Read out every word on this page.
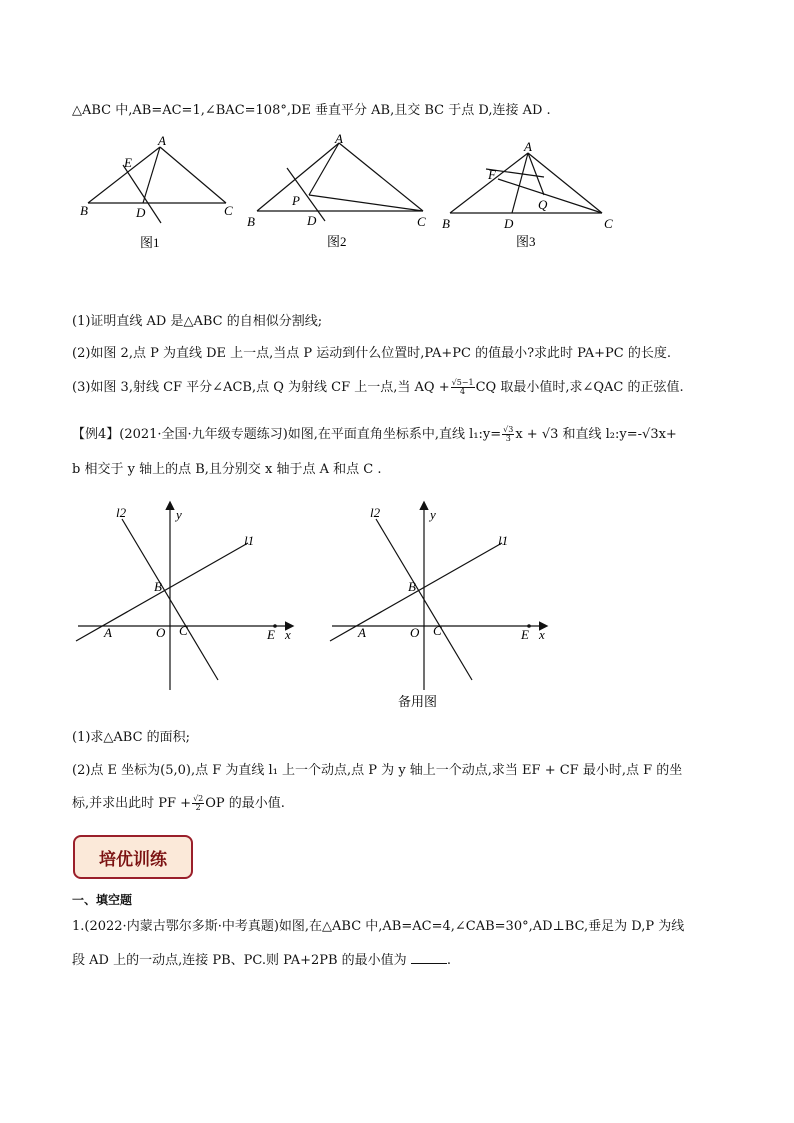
△ABC 中,AB=AC=1,∠BAC=108°,DE 垂直平分 AB,且交 BC 于点 D,连接 AD .
A
E
B	D	C
图1
A
P
B	D	C
图2
A
F
Q
B	D	C
图3
(1)证明直线 AD 是△ABC 的自相似分割线;
(2)如图 2,点 P 为直线 DE 上一点,当点 P 运动到什么位置时,PA+PC 的值最小?求此时 PA+PC 的长度.
(3)如图 3,射线 CF 平分∠ACB,点 Q 为射线 CF 上一点,当 AQ + $\frac{√5-1}{4}$ CQ 取最小值时,求∠QAC 的正弦值.
【例4】(2021·全国·九年级专题练习)如图,在平面直角坐标系中,直线 l₁:y= $\frac{√3}{3}$ x + √3 和直线 l₂:y=-√3x+
b 相交于 y 轴上的点 B,且分别交 x 轴于点 A 和点 C .
l2	y
l1
B
A	O C	E x
l2	y
l1
B
A	O C	E x
备用图
(1)求△ABC 的面积;
(2)点 E 坐标为(5,0),点 F 为直线 l₁ 上一个动点,点 P 为 y 轴上一个动点,求当 EF + CF 最小时,点 F 的坐
标,并求出此时 PF + $\frac{√2}{2}$ OP 的最小值.
培优训练
一、填空题
1.(2022·内蒙古鄂尔多斯·中考真题)如图,在△ABC 中,AB=AC=4,∠CAB=30°,AD⊥BC,垂足为 D,P 为线
段 AD 上的一动点,连接 PB、PC.则 PA+2PB 的最小值为	.
